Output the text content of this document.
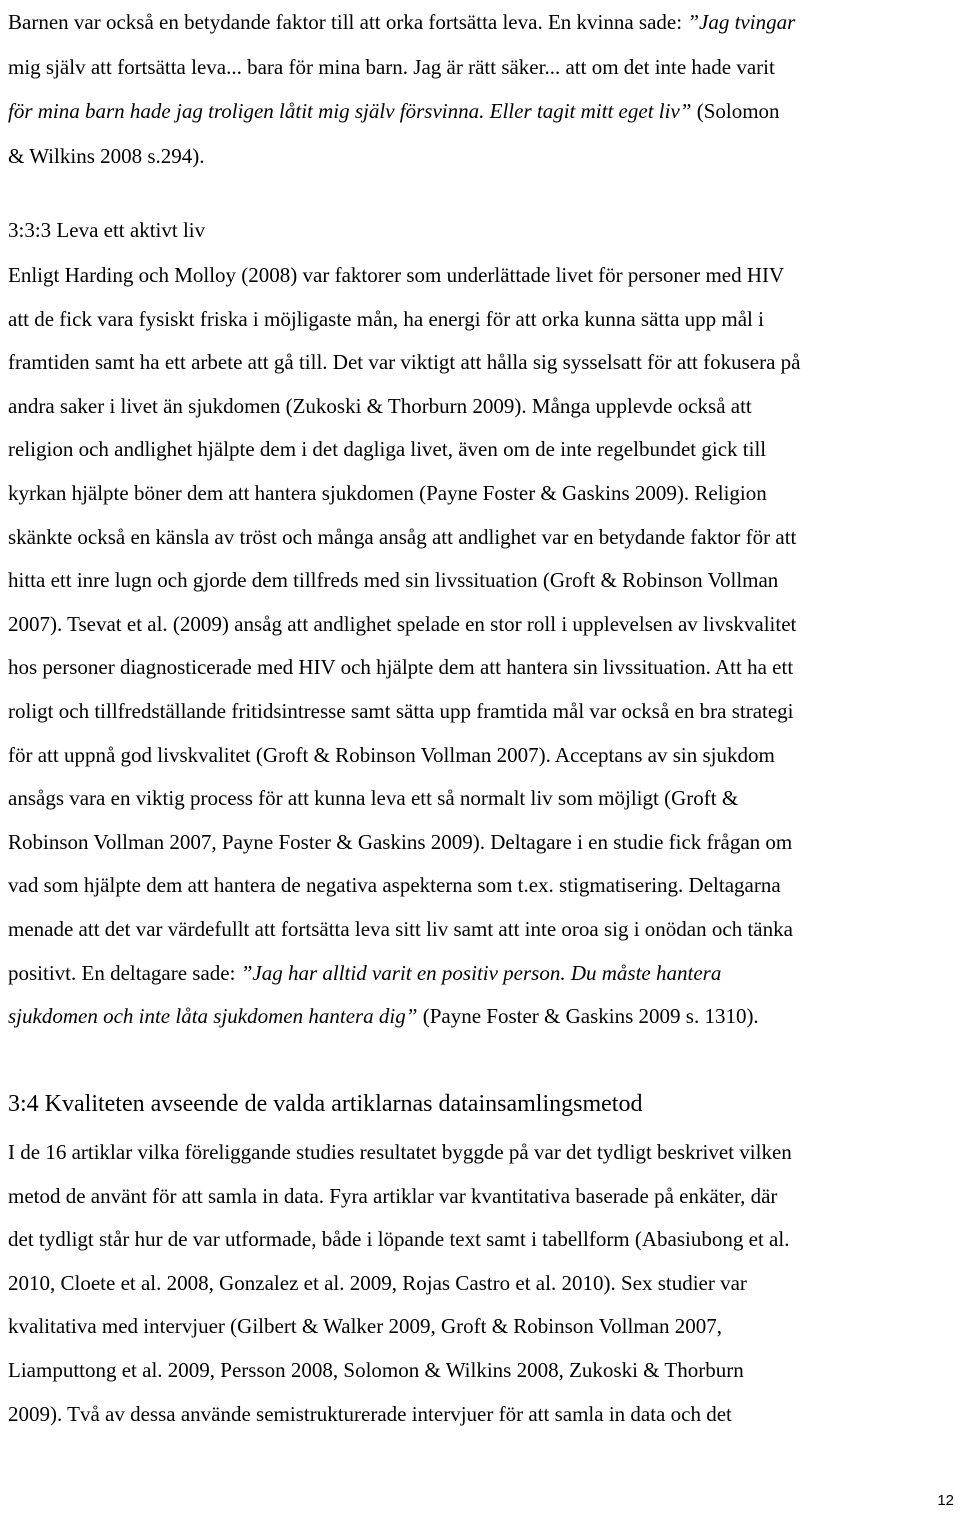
Barnen var också en betydande faktor till att orka fortsätta leva. En kvinna sade: ”Jag tvingar
mig själv att fortsätta leva... bara för mina barn. Jag är rätt säker... att om det inte hade varit
för mina barn hade jag troligen låtit mig själv försvinna. Eller tagit mitt eget liv” (Solomon
& Wilkins 2008 s.294).
3:3:3 Leva ett aktivt liv
Enligt Harding och Molloy (2008) var faktorer som underlättade livet för personer med HIV
att de fick vara fysiskt friska i möjligaste mån, ha energi för att orka kunna sätta upp mål i
framtiden samt ha ett arbete att gå till. Det var viktigt att hålla sig sysselsatt för att fokusera på
andra saker i livet än sjukdomen (Zukoski & Thorburn 2009). Många upplevde också att
religion och andlighet hjälpte dem i det dagliga livet, även om de inte regelbundet gick till
kyrkan hjälpte böner dem att hantera sjukdomen (Payne Foster & Gaskins 2009). Religion
skänkte också en känsla av tröst och många ansåg att andlighet var en betydande faktor för att
hitta ett inre lugn och gjorde dem tillfreds med sin livssituation (Groft & Robinson Vollman
2007). Tsevat et al. (2009) ansåg att andlighet spelade en stor roll i upplevelsen av livskvalitet
hos personer diagnosticerade med HIV och hjälpte dem att hantera sin livssituation. Att ha ett
roligt och tillfredställande fritidsintresse samt sätta upp framtida mål var också en bra strategi
för att uppnå god livskvalitet (Groft & Robinson Vollman 2007). Acceptans av sin sjukdom
ansågs vara en viktig process för att kunna leva ett så normalt liv som möjligt (Groft &
Robinson Vollman 2007, Payne Foster & Gaskins 2009). Deltagare i en studie fick frågan om
vad som hjälpte dem att hantera de negativa aspekterna som t.ex. stigmatisering. Deltagarna
menade att det var värdefullt att fortsätta leva sitt liv samt att inte oroa sig i onödan och tänka
positivt. En deltagare sade: ”Jag har alltid varit en positiv person. Du måste hantera
sjukdomen och inte låta sjukdomen hantera dig” (Payne Foster & Gaskins 2009 s. 1310).
3:4 Kvaliteten avseende de valda artiklarnas datainsamlingsmetod
I de 16 artiklar vilka föreliggande studies resultatet byggde på var det tydligt beskrivet vilken
metod de använt för att samla in data. Fyra artiklar var kvantitativa baserade på enkäter, där
det tydligt står hur de var utformade, både i löpande text samt i tabellform (Abasiubong et al.
2010, Cloete et al. 2008, Gonzalez et al. 2009, Rojas Castro et al. 2010). Sex studier var
kvalitativa med intervjuer (Gilbert & Walker 2009, Groft & Robinson Vollman 2007,
Liamputtong et al. 2009, Persson 2008, Solomon & Wilkins 2008, Zukoski & Thorburn
2009). Två av dessa använde semistrukturerade intervjuer för att samla in data och det
12
